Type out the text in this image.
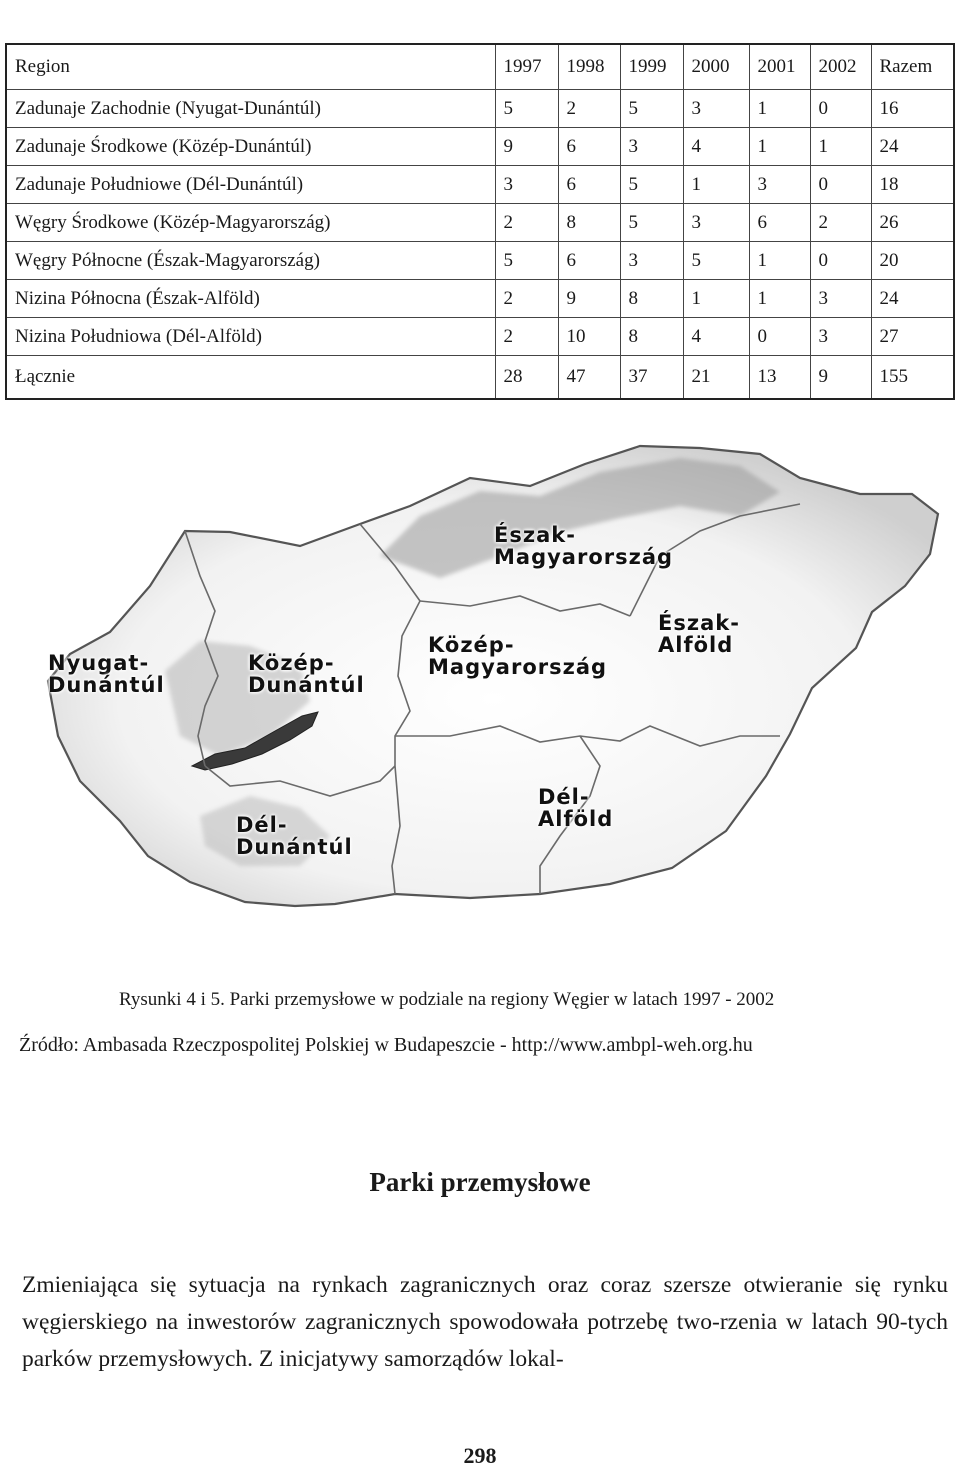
Region	1997	1998	1999	2000	2001	2002	Razem
Zadunaje Zachodnie (Nyugat-Dunántúl)	5	2	5	3	1	0	16
Zadunaje Środkowe (Közép-Dunántúl)	9	6	3	4	1	1	24
Zadunaje Południowe (Dél-Dunántúl)	3	6	5	1	3	0	18
Węgry Środkowe (Közép-Magyarország)	2	8	5	3	6	2	26
Węgry Północne (Észak-Magyarország)	5	6	3	5	1	0	20
Nizina Północna (Észak-Alföld)	2	9	8	1	1	3	24
Nizina Południowa (Dél-Alföld)	2	10	8	4	0	3	27
Łącznie	28	47	37	21	13	9	155
Észak-
Magyarország
Észak-
Alföld
Közép-
Magyarország
Nyugat-
Dunántúl
Közép-
Dunántúl
Dél-
Alföld
Dél-
Dunántúl
Rysunki 4 i 5. Parki przemysłowe w podziale na regiony Węgier w latach 1997 - 2002
Źródło: Ambasada Rzeczpospolitej Polskiej w Budapeszcie - http://www.ambpl-weh.org.hu
Parki przemysłowe

Zmieniająca się sytuacja na rynkach zagranicznych oraz coraz szersze otwieranie się rynku węgierskiego na inwestorów zagranicznych spowodowała potrzebę two-rzenia w latach 90-tych parków przemysłowych. Z inicjatywy samorządów lokal-

298
